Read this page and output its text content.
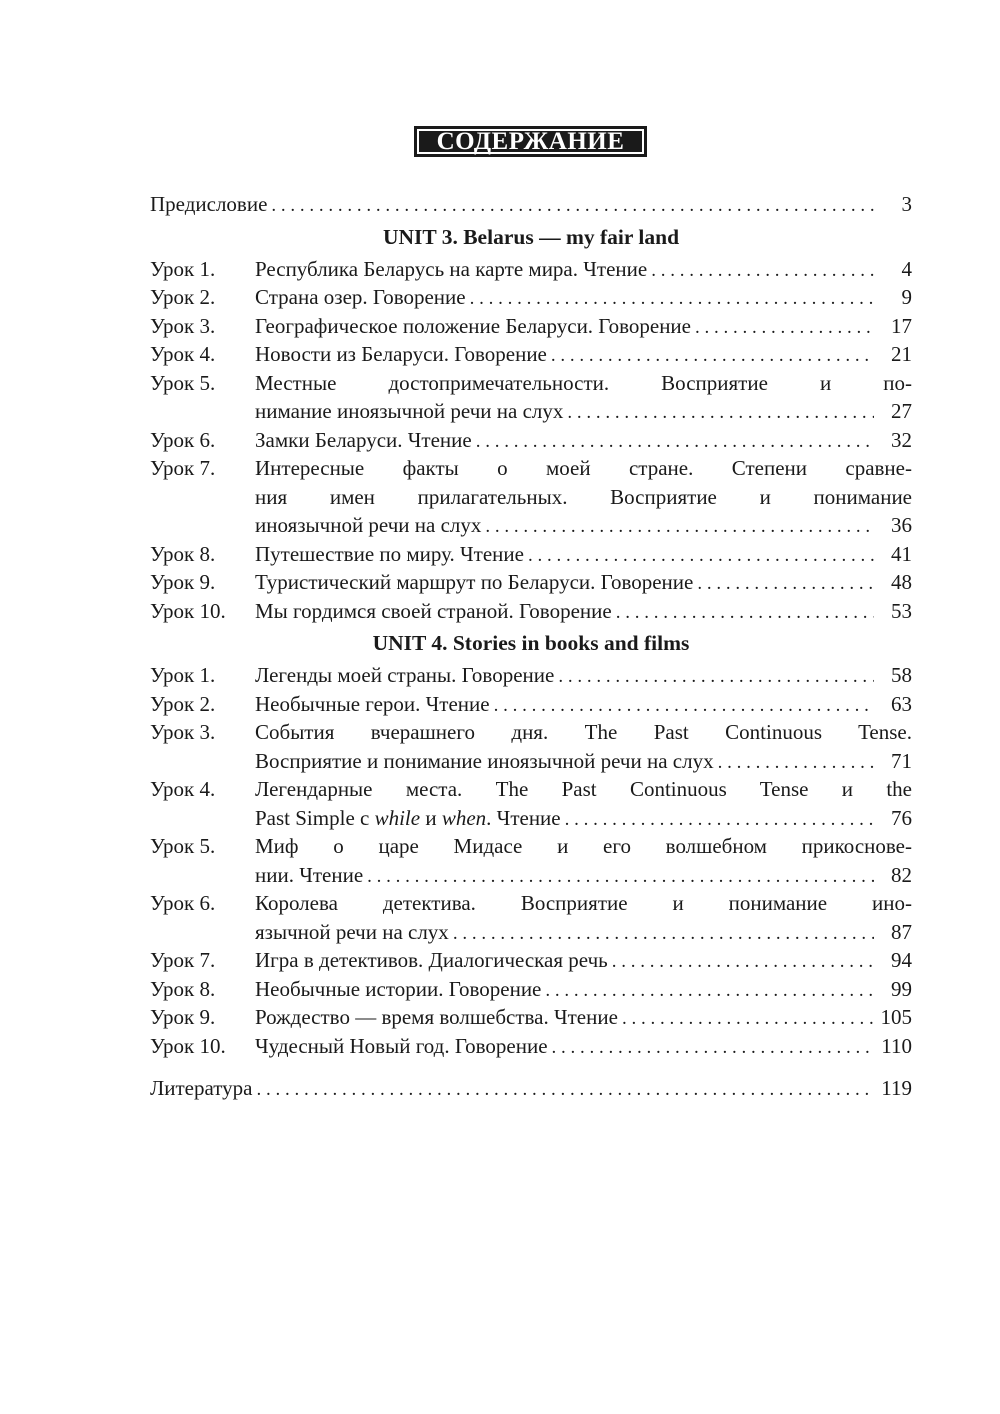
СОДЕРЖАНИЕ
Предисловие . . .	3
UNIT 3. Belarus — my fair land
Урок 1.	Республика Беларусь на карте мира. Чтение . . .	4
Урок 2.	Страна озер. Говорение . . .	9
Урок 3.	Географическое положение Беларуси. Говорение . . .	17
Урок 4.	Новости из Беларуси. Говорение . . .	21
Урок 5.	Местные достопримечательности. Восприятие и по-
нимание иноязычной речи на слух . . .	27
Урок 6.	Замки Беларуси. Чтение . . .	32
Урок 7.	Интересные факты о моей стране. Степени сравне-
ния имен прилагательных. Восприятие и понимание
иноязычной речи на слух . . .	36
Урок 8.	Путешествие по миру. Чтение . . .	41
Урок 9.	Туристический маршрут по Беларуси. Говорение . . .	48
Урок 10.	Мы гордимся своей страной. Говорение . . .	53
UNIT 4. Stories in books and films
Урок 1.	Легенды моей страны. Говорение . . .	58
Урок 2.	Необычные герои. Чтение . . .	63
Урок 3.	События вчерашнего дня. The Past Continuous Tense.
Восприятие и понимание иноязычной речи на слух . . .	71
Урок 4.	Легендарные места. The Past Continuous Tense и the
Past Simple с while и when. Чтение . . .	76
Урок 5.	Миф о царе Мидасе и его волшебном прикоснове-
нии. Чтение . . .	82
Урок 6.	Королева детектива. Восприятие и понимание ино-
язычной речи на слух . . .	87
Урок 7.	Игра в детективов. Диалогическая речь . . .	94
Урок 8.	Необычные истории. Говорение . . .	99
Урок 9.	Рождество — время волшебства. Чтение . . .	105
Урок 10.	Чудесный Новый год. Говорение . . .	110
Литература . . .	119
